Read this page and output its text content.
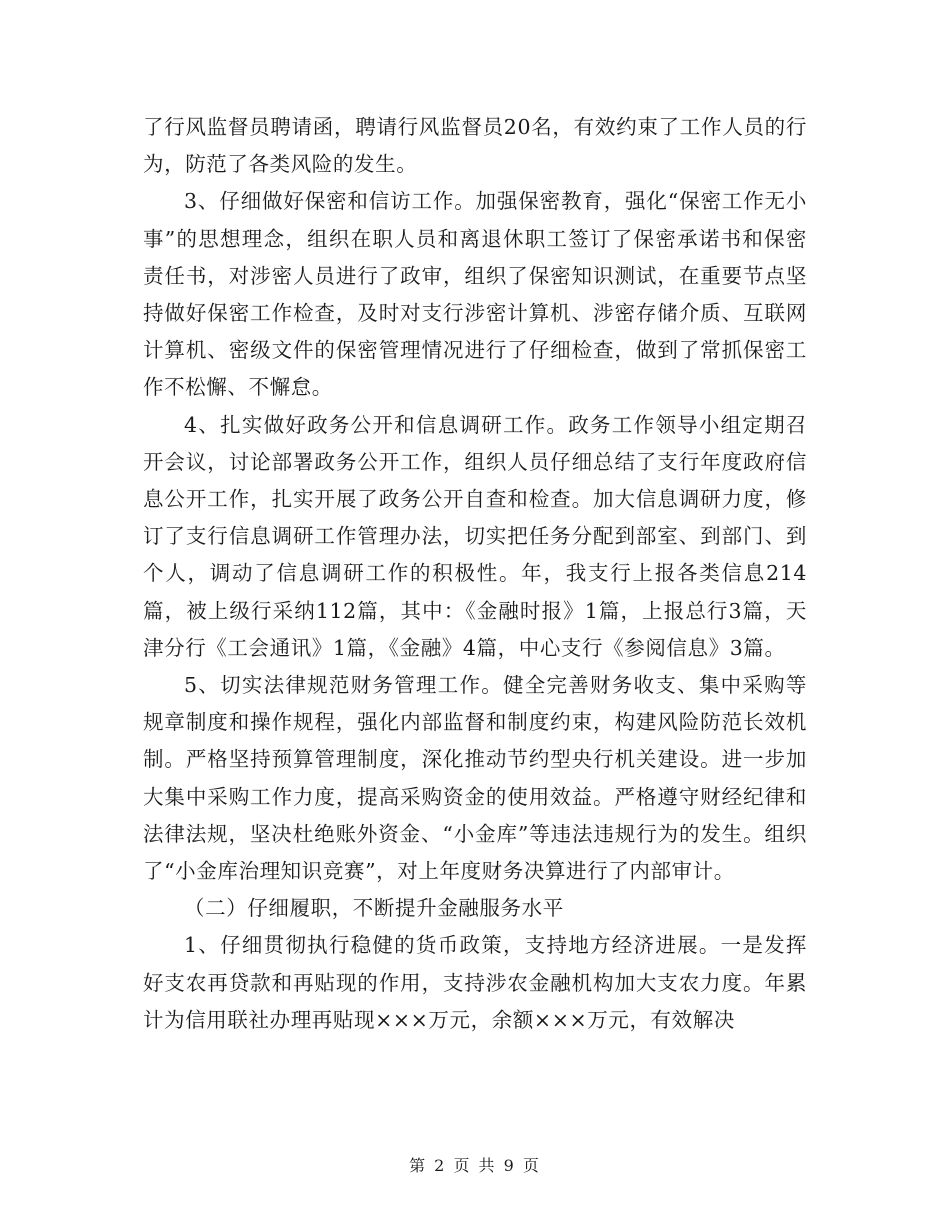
了行风监督员聘请函，聘请行风监督员20名，有效约束了工作人员的行为，防范了各类风险的发生。

3、仔细做好保密和信访工作。加强保密教育，强化“保密工作无小事”的思想理念，组织在职人员和离退休职工签订了保密承诺书和保密责任书，对涉密人员进行了政审，组织了保密知识测试，在重要节点坚持做好保密工作检查，及时对支行涉密计算机、涉密存储介质、互联网计算机、密级文件的保密管理情况进行了仔细检查，做到了常抓保密工作不松懈、不懈怠。

4、扎实做好政务公开和信息调研工作。政务工作领导小组定期召开会议，讨论部署政务公开工作，组织人员仔细总结了支行年度政府信息公开工作，扎实开展了政务公开自查和检查。加大信息调研力度，修订了支行信息调研工作管理办法，切实把任务分配到部室、到部门、到个人，调动了信息调研工作的积极性。年，我支行上报各类信息214篇，被上级行采纳112篇，其中：《金融时报》1篇，上报总行3篇，天津分行《工会通讯》1篇，《金融》4篇，中心支行《参阅信息》3篇。

5、切实法律规范财务管理工作。健全完善财务收支、集中采购等规章制度和操作规程，强化内部监督和制度约束，构建风险防范长效机制。严格坚持预算管理制度，深化推动节约型央行机关建设。进一步加大集中采购工作力度，提高采购资金的使用效益。严格遵守财经纪律和法律法规，坚决杜绝账外资金、“小金库”等违法违规行为的发生。组织了“小金库治理知识竞赛”，对上年度财务决算进行了内部审计。

（二）仔细履职，不断提升金融服务水平

1、仔细贯彻执行稳健的货币政策，支持地方经济进展。一是发挥好支农再贷款和再贴现的作用，支持涉农金融机构加大支农力度。年累计为信用联社办理再贴现×××万元，余额×××万元，有效解决

第 2 页 共 9 页
